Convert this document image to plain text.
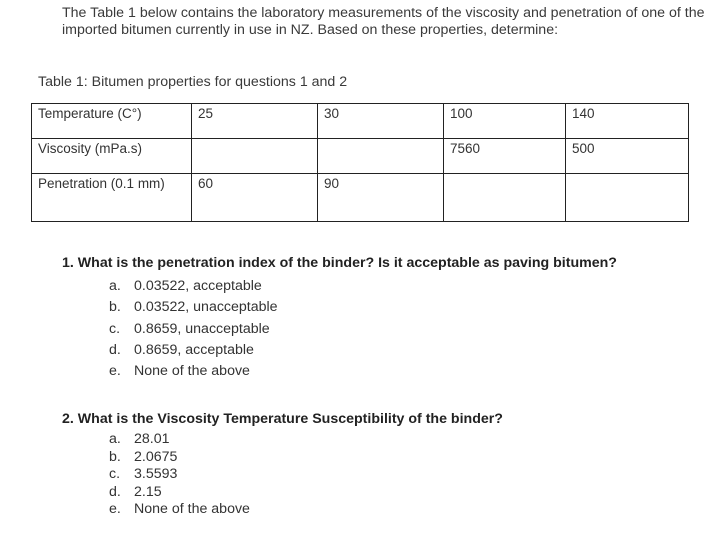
The Table 1 below contains the laboratory measurements of the viscosity and penetration of one of the imported bitumen currently in use in NZ. Based on these properties, determine:
Table 1: Bitumen properties for questions 1 and 2
Temperature (C°)	25	30	100	140
Viscosity (mPa.s)			7560	500
Penetration (0.1 mm)	60	90		
1. What is the penetration index of the binder? Is it acceptable as paving bitumen?
a. 0.03522, acceptable
b. 0.03522, unacceptable
c. 0.8659, unacceptable
d. 0.8659, acceptable
e. None of the above
2. What is the Viscosity Temperature Susceptibility of the binder?
a. 28.01
b. 2.0675
c. 3.5593
d. 2.15
e. None of the above
